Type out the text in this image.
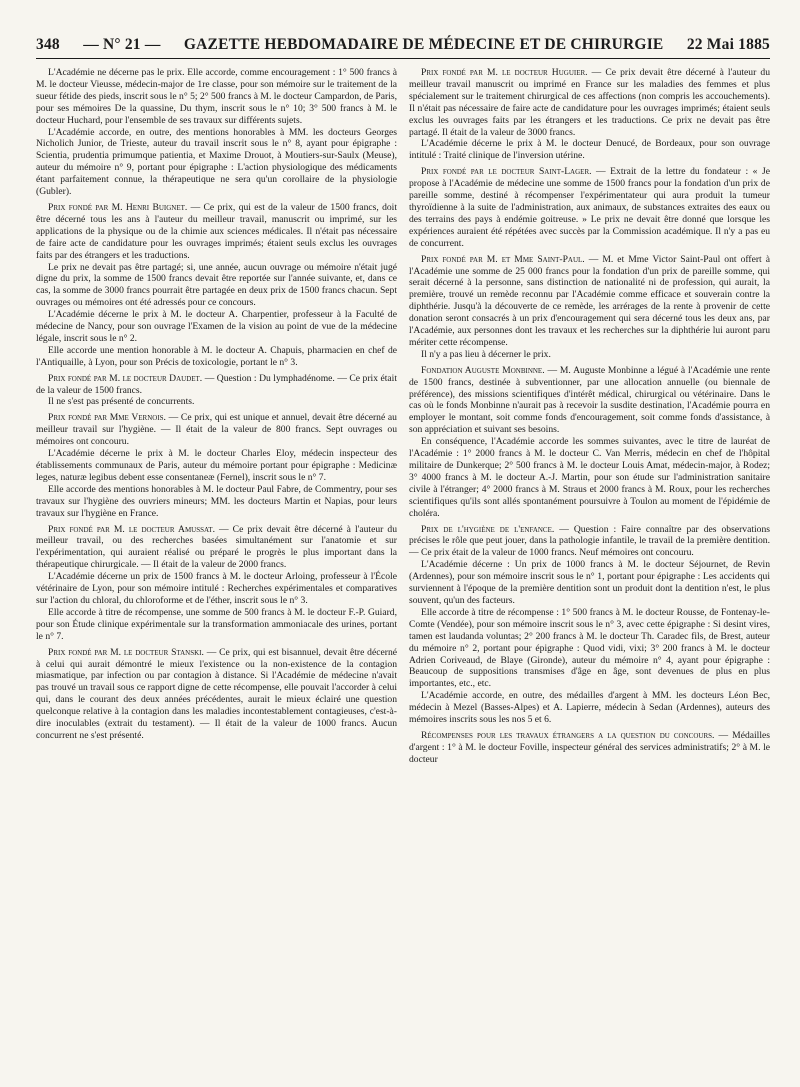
348 — N° 21 — GAZETTE HEBDOMADAIRE DE MÉDECINE ET DE CHIRURGIE 22 Mai 1885

L'Académie ne décerne pas le prix. Elle accorde, comme encouragement : 1° 500 francs à M. le docteur Vieusse, médecin-major de 1re classe, pour son mémoire sur le traitement de la sueur fétide des pieds, inscrit sous le n° 5; 2° 500 francs à M. le docteur Campardon, de Paris, pour ses mémoires De la quassine, Du thym, inscrit sous le n° 10; 3° 500 francs à M. le docteur Huchard, pour l'ensemble de ses travaux sur différents sujets.

L'Académie accorde, en outre, des mentions honorables à MM. les docteurs Georges Nicholich Junior, de Trieste, auteur du travail inscrit sous le n° 8, ayant pour épigraphe : Scientia, prudentia primumque patientia, et Maxime Drouot, à Moutiers-sur-Saulx (Meuse), auteur du mémoire n° 9, portant pour épigraphe : L'action physiologique des médicaments étant parfaitement connue, la thérapeutique ne sera qu'un corollaire de la physiologie (Gubler).

Prix fondé par M. Henri Buignet. — Ce prix, qui est de la valeur de 1500 francs, doit être décerné tous les ans à l'auteur du meilleur travail, manuscrit ou imprimé, sur les applications de la physique ou de la chimie aux sciences médicales. Il n'était pas nécessaire de faire acte de candidature pour les ouvrages imprimés; étaient seuls exclus les ouvrages faits par des étrangers et les traductions.

Le prix ne devait pas être partagé; si, une année, aucun ouvrage ou mémoire n'était jugé digne du prix, la somme de 1500 francs devait être reportée sur l'année suivante, et, dans ce cas, la somme de 3000 francs pourrait être partagée en deux prix de 1500 francs chacun. Sept ouvrages ou mémoires ont été adressés pour ce concours.

L'Académie décerne le prix à M. le docteur A. Charpentier, professeur à la Faculté de médecine de Nancy, pour son ouvrage l'Examen de la vision au point de vue de la médecine légale, inscrit sous le n° 2.

Elle accorde une mention honorable à M. le docteur A. Chapuis, pharmacien en chef de l'Antiquaille, à Lyon, pour son Précis de toxicologie, portant le n° 3.

Prix fondé par M. le docteur Daudet. — Question : Du lymphadénome. — Ce prix était de la valeur de 1500 francs.

Il ne s'est pas présenté de concurrents.

Prix fondé par Mme Vernois. — Ce prix, qui est unique et annuel, devait être décerné au meilleur travail sur l'hygiène. — Il était de la valeur de 800 francs. Sept ouvrages ou mémoires ont concouru.

L'Académie décerne le prix à M. le docteur Charles Eloy, médecin inspecteur des établissements communaux de Paris, auteur du mémoire portant pour épigraphe : Medicinæ leges, naturæ legibus debent esse consentaneæ (Fernel), inscrit sous le n° 7.

Elle accorde des mentions honorables à M. le docteur Paul Fabre, de Commentry, pour ses travaux sur l'hygiène des ouvriers mineurs; MM. les docteurs Martin et Napias, pour leurs travaux sur l'hygiène en France.

Prix fondé par M. le docteur Amussat. — Ce prix devait être décerné à l'auteur du meilleur travail, ou des recherches basées simultanément sur l'anatomie et sur l'expérimentation, qui auraient réalisé ou préparé le progrès le plus important dans la thérapeutique chirurgicale. — Il était de la valeur de 2000 francs.

L'Académie décerne un prix de 1500 francs à M. le docteur Arloing, professeur à l'École vétérinaire de Lyon, pour son mémoire intitulé : Recherches expérimentales et comparatives sur l'action du chloral, du chloroforme et de l'éther, inscrit sous le n° 3.

Elle accorde à titre de récompense, une somme de 500 francs à M. le docteur F.-P. Guiard, pour son Étude clinique expérimentale sur la transformation ammoniacale des urines, portant le n° 7.

Prix fondé par M. le docteur Stanski. — Ce prix, qui est bisannuel, devait être décerné à celui qui aurait démontré le mieux l'existence ou la non-existence de la contagion miasmatique, par infection ou par contagion à distance. Si l'Académie de médecine n'avait pas trouvé un travail sous ce rapport digne de cette récompense, elle pouvait l'accorder à celui qui, dans le courant des deux années précédentes, aurait le mieux éclairé une question quelconque relative à la contagion dans les maladies incontestablement contagieuses, c'est-à-dire inoculables (extrait du testament). — Il était de la valeur de 1000 francs. Aucun concurrent ne s'est présenté.

Prix fondé par M. le docteur Huguier. — Ce prix devait être décerné à l'auteur du meilleur travail manuscrit ou imprimé en France sur les maladies des femmes et plus spécialement sur le traitement chirurgical de ces affections (non compris les accouchements). Il n'était pas nécessaire de faire acte de candidature pour les ouvrages imprimés; étaient seuls exclus les ouvrages faits par les étrangers et les traductions. Ce prix ne devait pas être partagé. Il était de la valeur de 3000 francs.

L'Académie décerne le prix à M. le docteur Denucé, de Bordeaux, pour son ouvrage intitulé : Traité clinique de l'inversion utérine.

Prix fondé par le docteur Saint-Lager. — Extrait de la lettre du fondateur : « Je propose à l'Académie de médecine une somme de 1500 francs pour la fondation d'un prix de pareille somme, destiné à récompenser l'expérimentateur qui aura produit la tumeur thyroïdienne à la suite de l'administration, aux animaux, de substances extraites des eaux ou des terrains des pays à endémie goitreuse. » Le prix ne devait être donné que lorsque les expériences auraient été répétées avec succès par la Commission académique. Il n'y a pas eu de concurrent.

Prix fondé par M. et Mme Saint-Paul. — M. et Mme Victor Saint-Paul ont offert à l'Académie une somme de 25 000 francs pour la fondation d'un prix de pareille somme, qui serait décerné à la personne, sans distinction de nationalité ni de profession, qui aurait, la première, trouvé un remède reconnu par l'Académie comme efficace et souverain contre la diphthérie. Jusqu'à la découverte de ce remède, les arrérages de la rente à provenir de cette donation seront consacrés à un prix d'encouragement qui sera décerné tous les deux ans, par l'Académie, aux personnes dont les travaux et les recherches sur la diphthérie lui auront paru mériter cette récompense.

Il n'y a pas lieu à décerner le prix.

Fondation Auguste Monbinne. — M. Auguste Monbinne a légué à l'Académie une rente de 1500 francs, destinée à subventionner, par une allocation annuelle (ou biennale de préférence), des missions scientifiques d'intérêt médical, chirurgical ou vétérinaire. Dans le cas où le fonds Monbinne n'aurait pas à recevoir la susdite destination, l'Académie pourra en employer le montant, soit comme fonds d'encouragement, soit comme fonds d'assistance, à son appréciation et suivant ses besoins.

En conséquence, l'Académie accorde les sommes suivantes, avec le titre de lauréat de l'Académie : 1° 2000 francs à M. le docteur C. Van Merris, médecin en chef de l'hôpital militaire de Dunkerque; 2° 500 francs à M. le docteur Louis Amat, médecin-major, à Rodez; 3° 4000 francs à M. le docteur A.-J. Martin, pour son étude sur l'administration sanitaire civile à l'étranger; 4° 2000 francs à M. Straus et 2000 francs à M. Roux, pour les recherches scientifiques qu'ils sont allés spontanément poursuivre à Toulon au moment de l'épidémie de choléra.

Prix de l'hygiène de l'enfance. — Question : Faire connaître par des observations précises le rôle que peut jouer, dans la pathologie infantile, le travail de la première dentition. — Ce prix était de la valeur de 1000 francs. Neuf mémoires ont concouru.

L'Académie décerne : Un prix de 1000 francs à M. le docteur Séjournet, de Revin (Ardennes), pour son mémoire inscrit sous le n° 1, portant pour épigraphe : Les accidents qui surviennent à l'époque de la première dentition sont un produit dont la dentition n'est, le plus souvent, qu'un des facteurs.

Elle accorde à titre de récompense : 1° 500 francs à M. le docteur Rousse, de Fontenay-le-Comte (Vendée), pour son mémoire inscrit sous le n° 3, avec cette épigraphe : Si desint vires, tamen est laudanda voluntas; 2° 200 francs à M. le docteur Th. Caradec fils, de Brest, auteur du mémoire n° 2, portant pour épigraphe : Quod vidi, vixi; 3° 200 francs à M. le docteur Adrien Coriveaud, de Blaye (Gironde), auteur du mémoire n° 4, ayant pour épigraphe : Beaucoup de suppositions transmises d'âge en âge, sont devenues de plus en plus importantes, etc., etc.

L'Académie accorde, en outre, des médailles d'argent à MM. les docteurs Léon Bec, médecin à Mezel (Basses-Alpes) et A. Lapierre, médecin à Sedan (Ardennes), auteurs des mémoires inscrits sous les nos 5 et 6.

Récompenses pour les travaux étrangers a la question du concours. — Médailles d'argent : 1° à M. le docteur Foville, inspecteur général des services administratifs; 2° à M. le docteur
